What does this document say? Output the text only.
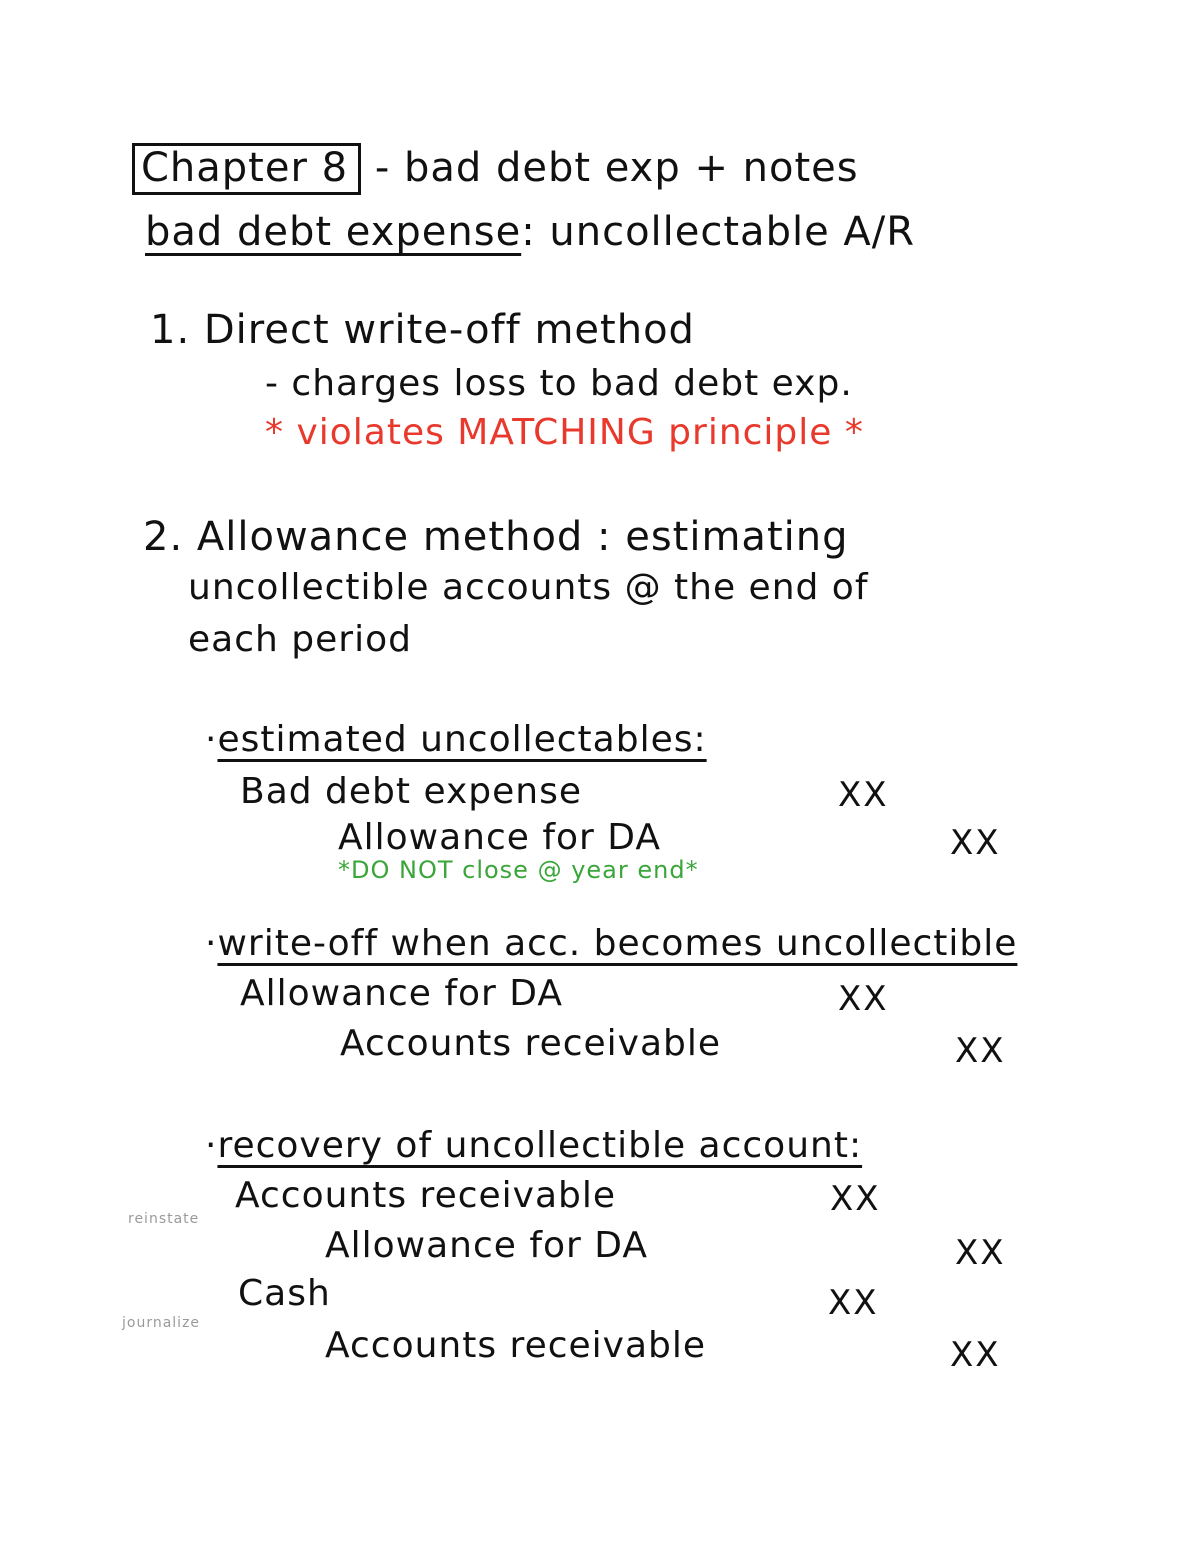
Chapter 8 - bad debt exp + notes
bad debt expense: uncollectable A/R
1. Direct write-off method
- charges loss to bad debt exp.
* violates MATCHING principle *
2. Allowance method : estimating
uncollectible accounts @ the end of
each period
·estimated uncollectables:
Bad debt expense	XX
Allowance for DA	XX
*DO NOT close @ year end*
·write-off when acc. becomes uncollectible
Allowance for DA	XX
Accounts receivable	XX
·recovery of uncollectible account:
reinstate
Accounts receivable	XX
Allowance for DA	XX
journalize
Cash	XX
Accounts receivable	XX
